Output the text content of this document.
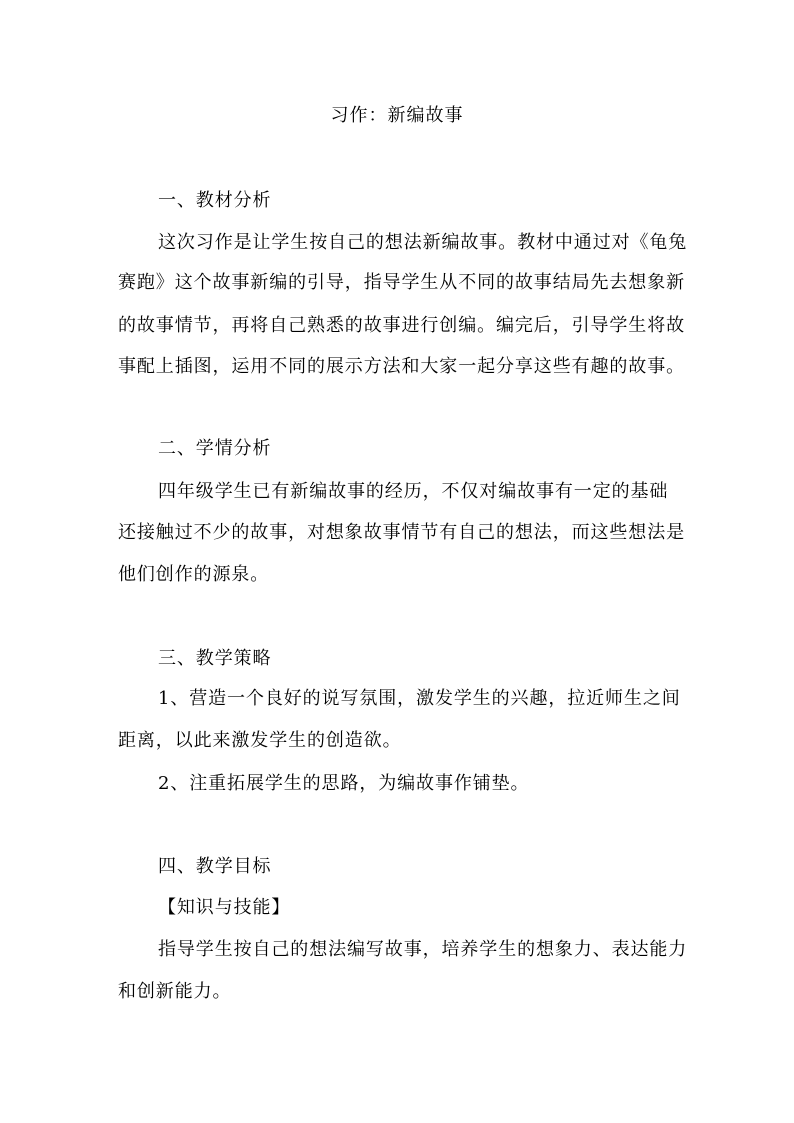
习作：新编故事
一、教材分析
这次习作是让学生按自己的想法新编故事。教材中通过对《龟兔
赛跑》这个故事新编的引导，指导学生从不同的故事结局先去想象新
的故事情节，再将自己熟悉的故事进行创编。编完后，引导学生将故
事配上插图，运用不同的展示方法和大家一起分享这些有趣的故事。
二、学情分析
四年级学生已有新编故事的经历，不仅对编故事有一定的基础
还接触过不少的故事，对想象故事情节有自己的想法，而这些想法是
他们创作的源泉。
三、教学策略
1、营造一个良好的说写氛围，激发学生的兴趣，拉近师生之间
距离，以此来激发学生的创造欲。
2、注重拓展学生的思路，为编故事作铺垫。
四、教学目标
【知识与技能】
指导学生按自己的想法编写故事，培养学生的想象力、表达能力
和创新能力。
